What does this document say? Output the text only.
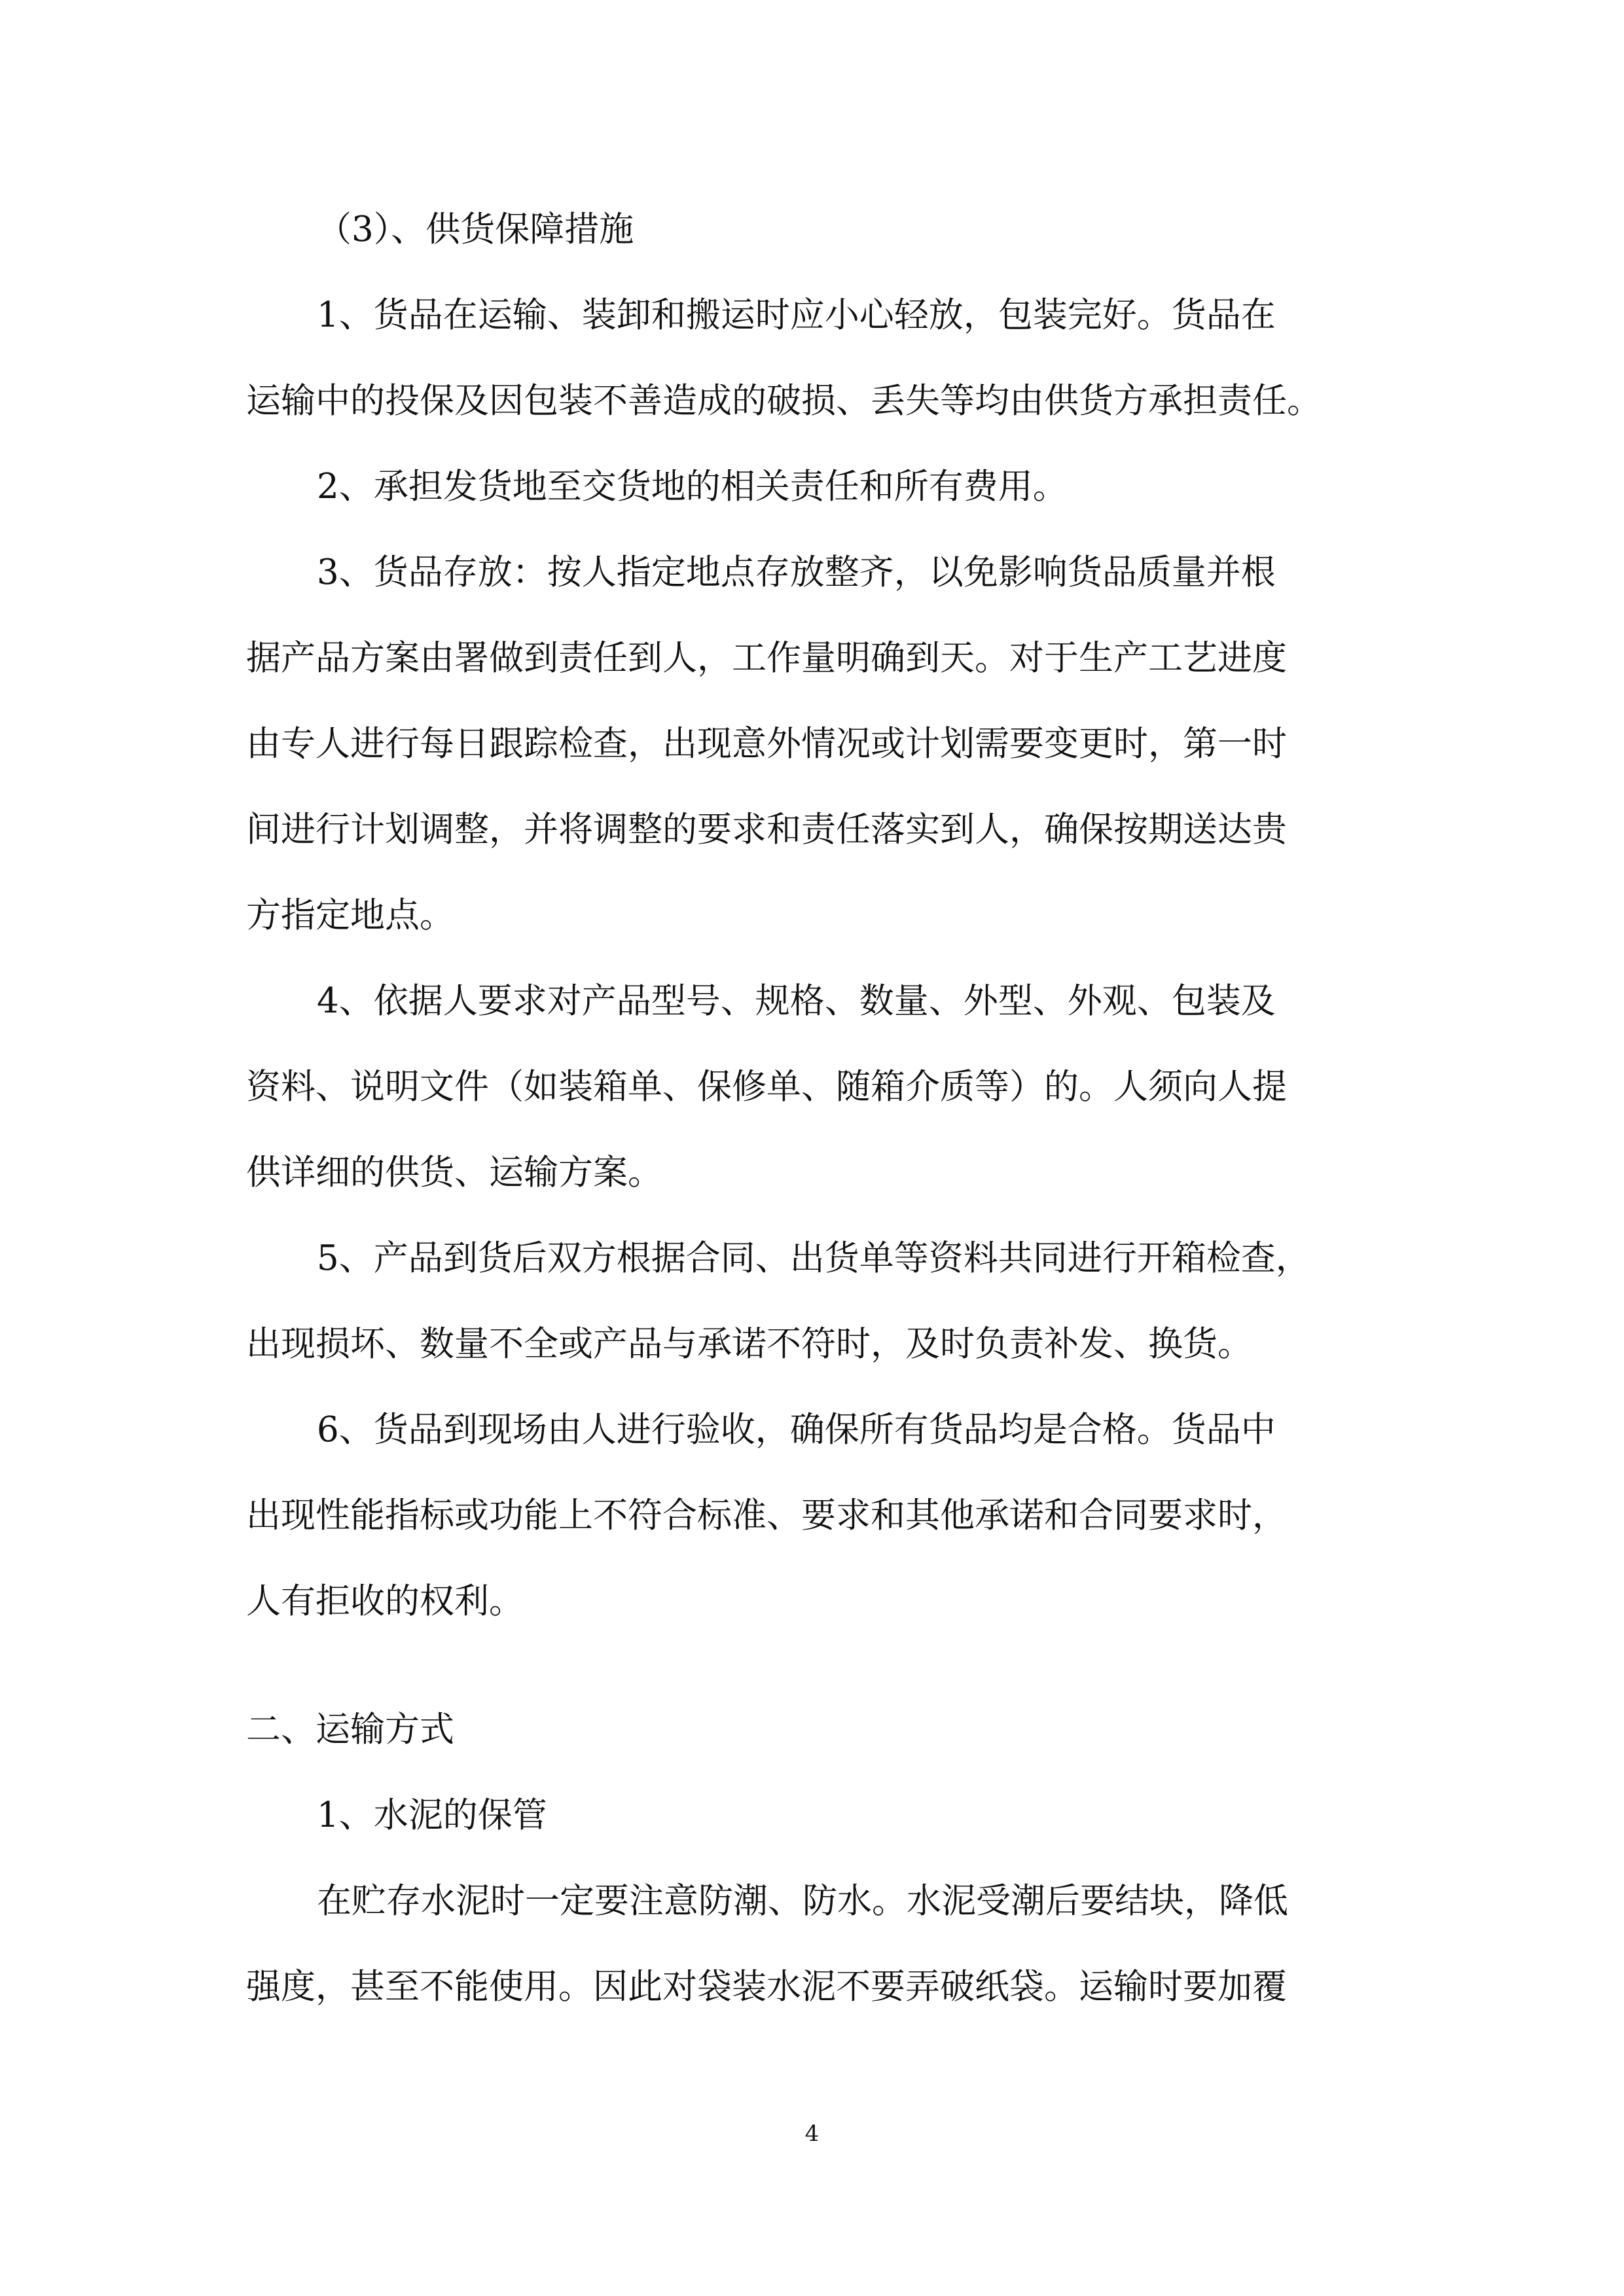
（3）、供货保障措施

1、货品在运输、装卸和搬运时应小心轻放，包装完好。货品在

运输中的投保及因包装不善造成的破损、丢失等均由供货方承担责任。

2、承担发货地至交货地的相关责任和所有费用。

3、货品存放：按人指定地点存放整齐，以免影响货品质量并根

据产品方案由署做到责任到人，工作量明确到天。对于生产工艺进度

由专人进行每日跟踪检查，出现意外情况或计划需要变更时，第一时

间进行计划调整，并将调整的要求和责任落实到人，确保按期送达贵

方指定地点。

4、依据人要求对产品型号、规格、数量、外型、外观、包装及

资料、说明文件（如装箱单、保修单、随箱介质等）的。人须向人提

供详细的供货、运输方案。

5、产品到货后双方根据合同、出货单等资料共同进行开箱检查，

出现损坏、数量不全或产品与承诺不符时，及时负责补发、换货。

6、货品到现场由人进行验收，确保所有货品均是合格。货品中

出现性能指标或功能上不符合标准、要求和其他承诺和合同要求时，

人有拒收的权利。

二、运输方式

1、水泥的保管

在贮存水泥时一定要注意防潮、防水。水泥受潮后要结块，降低

强度，甚至不能使用。因此对袋装水泥不要弄破纸袋。运输时要加覆

4
